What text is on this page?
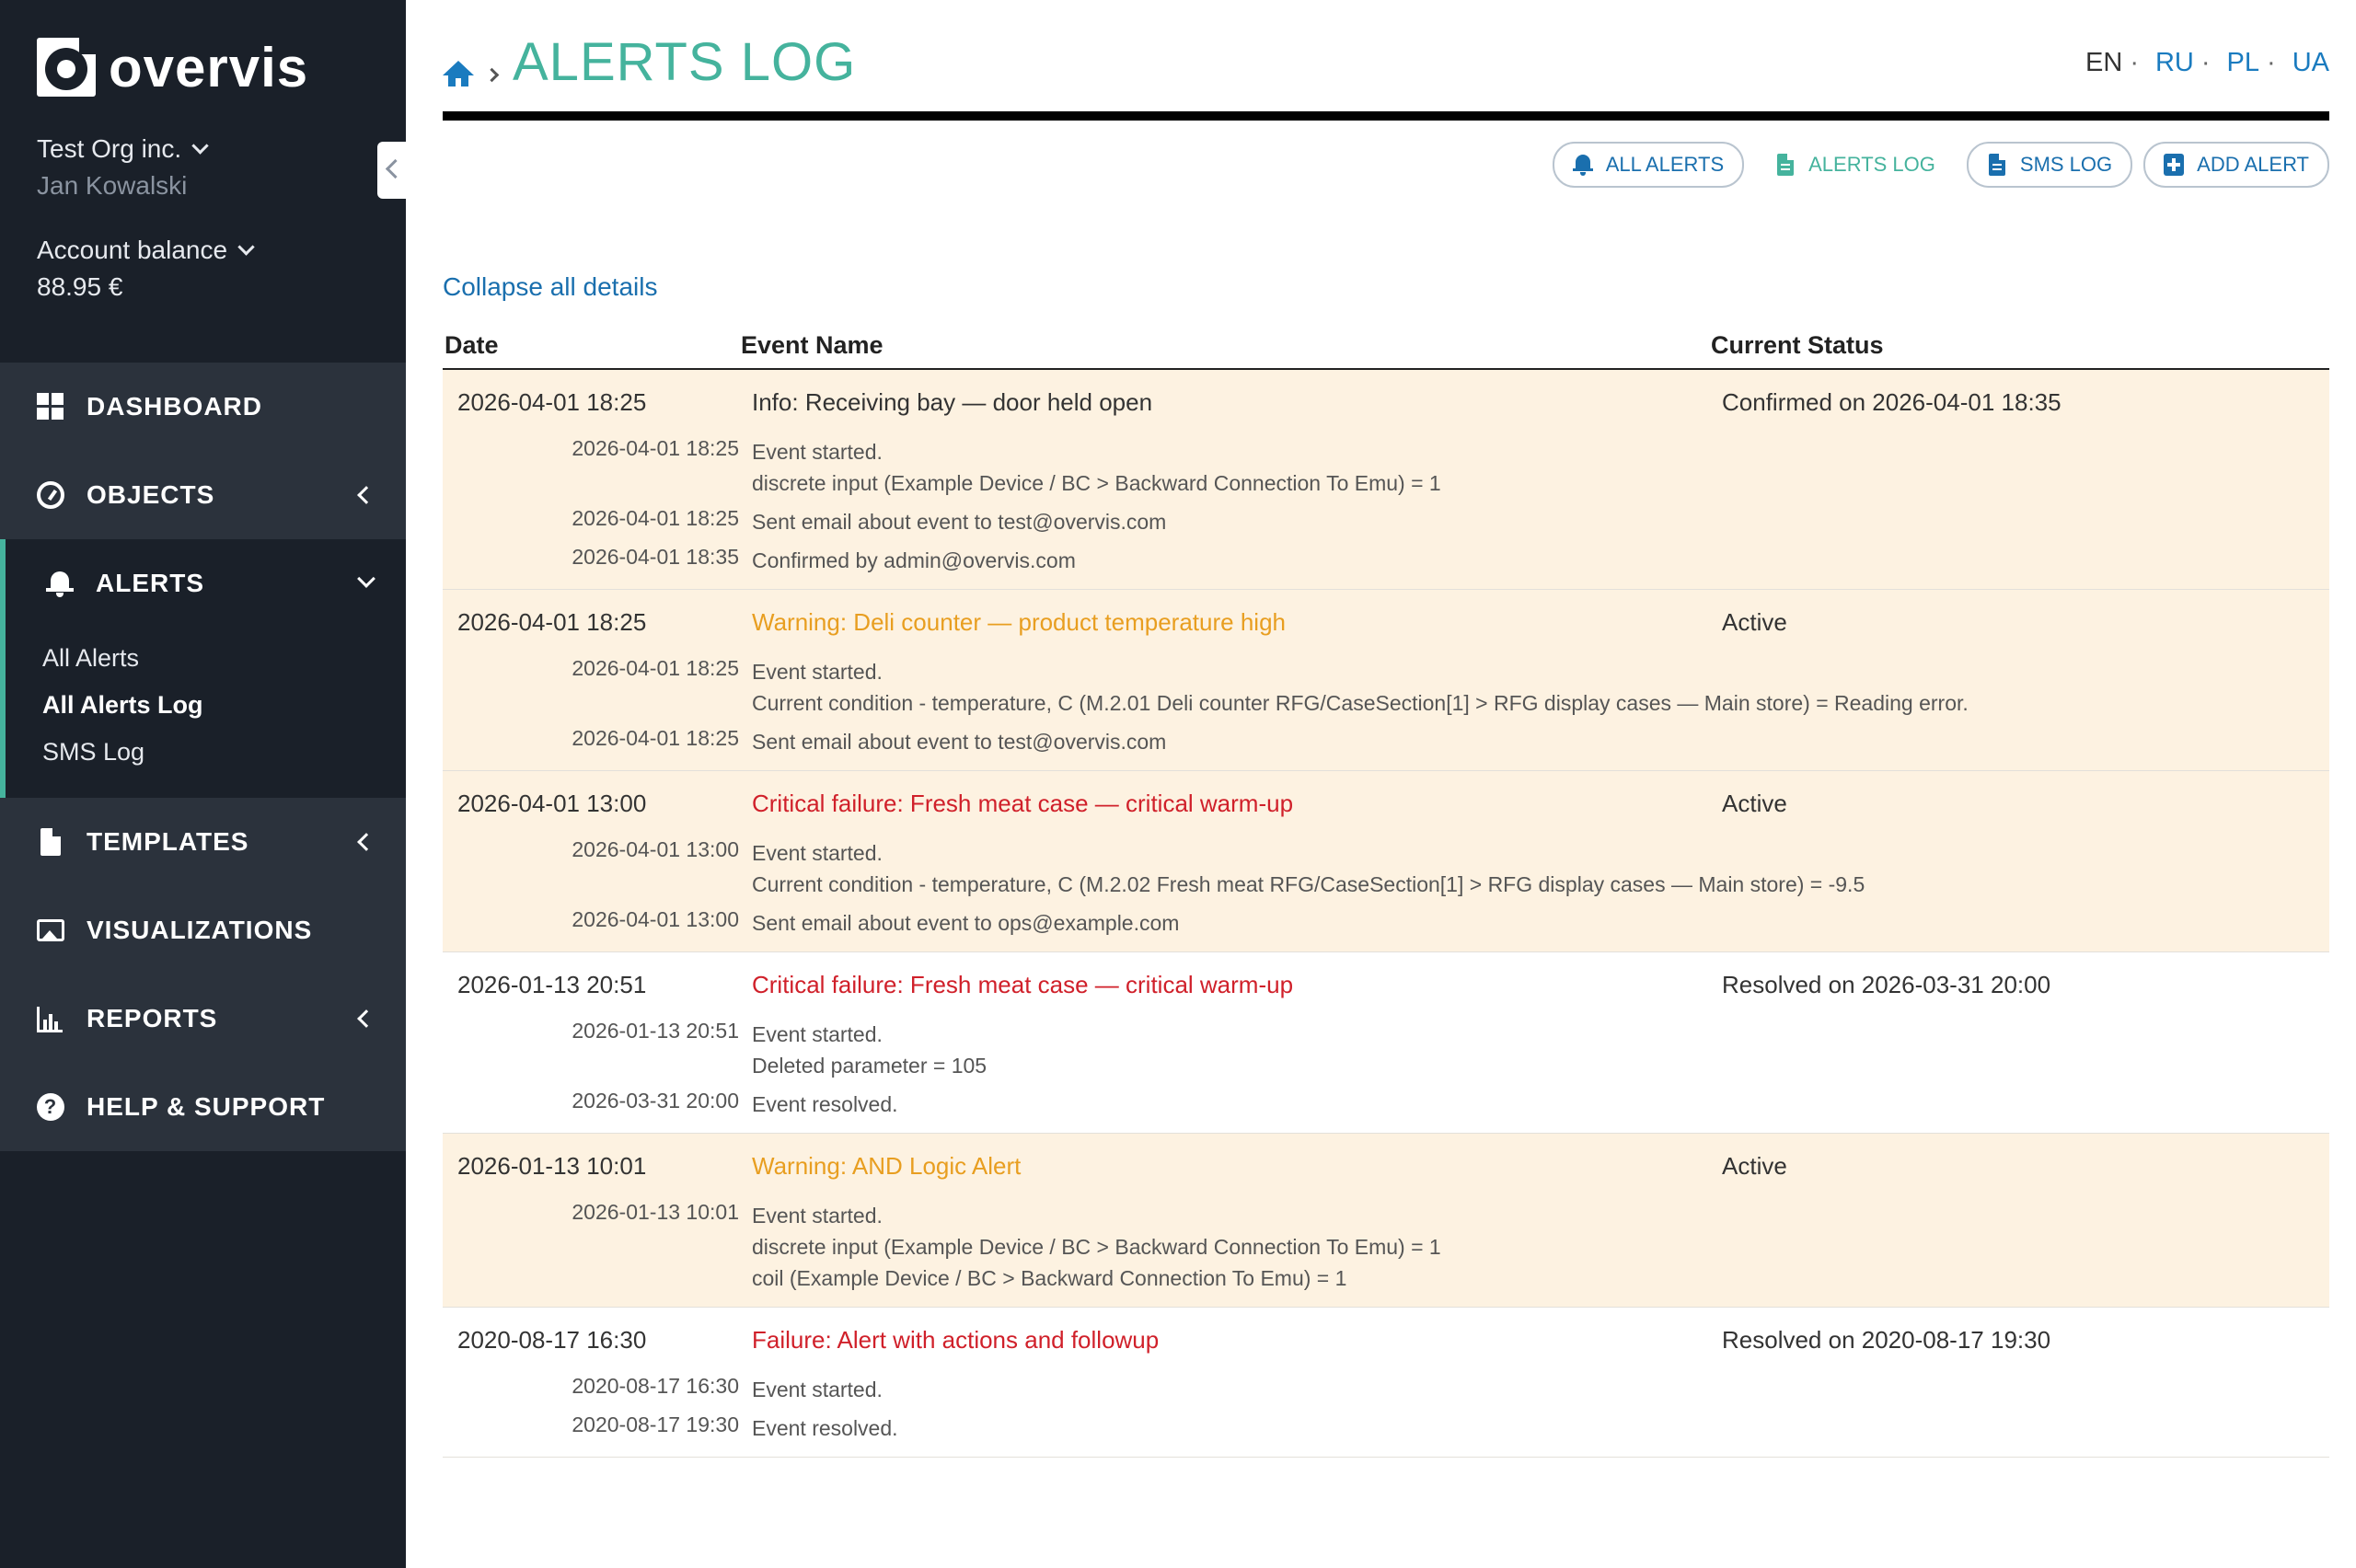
overvis
Test Org inc.
Jan Kowalski
Account balance
88.95 €
DASHBOARD
OBJECTS
ALERTS
All Alerts
All Alerts Log
SMS Log
TEMPLATES
VISUALIZATIONS
REPORTS
?
HELP & SUPPORT
ALERTS LOG	EN · RU · PL · UA
ALL ALERTS	ALERTS LOG	SMS LOG	ADD ALERT
Collapse all details
Date	Event Name	Current Status
2026-04-01 18:25	Info: Receiving bay — door held open	Confirmed on 2026-04-01 18:35
2026-04-01 18:25 Event started.
discrete input (Example Device / BC > Backward Connection To Emu) = 1
2026-04-01 18:25 Sent email about event to test@overvis.com
2026-04-01 18:35 Confirmed by admin@overvis.com
2026-04-01 18:25	Warning: Deli counter — product temperature high	Active
2026-04-01 18:25 Event started.
Current condition - temperature, C (M.2.01 Deli counter RFG/CaseSection[1] > RFG display cases — Main store) = Reading error.
2026-04-01 18:25 Sent email about event to test@overvis.com
2026-04-01 13:00	Critical failure: Fresh meat case — critical warm-up	Active
2026-04-01 13:00 Event started.
Current condition - temperature, C (M.2.02 Fresh meat RFG/CaseSection[1] > RFG display cases — Main store) = -9.5
2026-04-01 13:00 Sent email about event to ops@example.com
2026-01-13 20:51	Critical failure: Fresh meat case — critical warm-up	Resolved on 2026-03-31 20:00
2026-01-13 20:51 Event started.
Deleted parameter = 105
2026-03-31 20:00 Event resolved.
2026-01-13 10:01	Warning: AND Logic Alert	Active
2026-01-13 10:01 Event started.
discrete input (Example Device / BC > Backward Connection To Emu) = 1
coil (Example Device / BC > Backward Connection To Emu) = 1
2020-08-17 16:30	Failure: Alert with actions and followup	Resolved on 2020-08-17 19:30
2020-08-17 16:30 Event started.
2020-08-17 19:30 Event resolved.
